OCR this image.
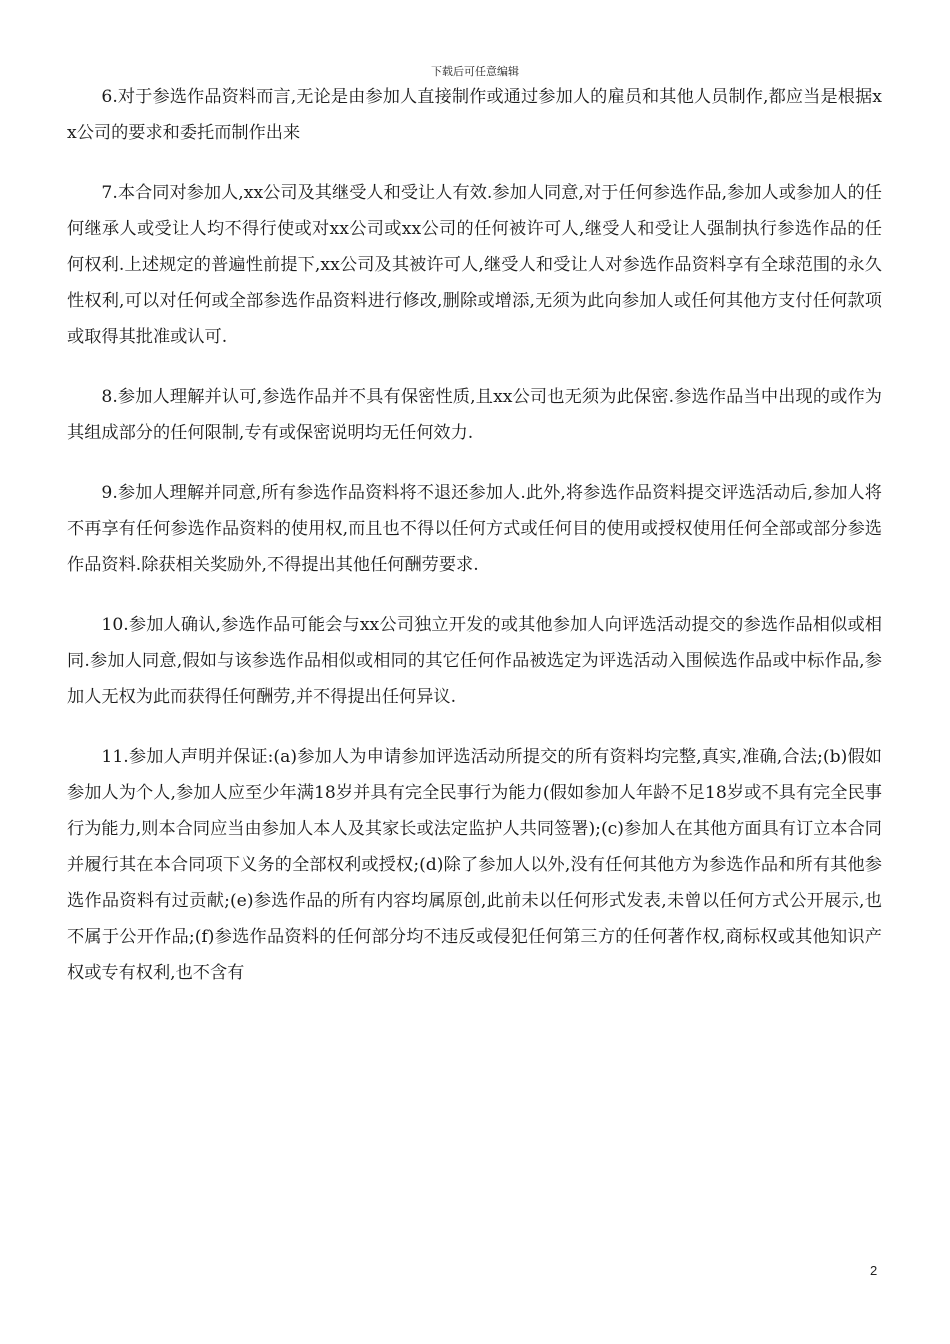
下载后可任意编辑

6.对于参选作品资料而言,无论是由参加人直接制作或通过参加人的雇员和其他人员制作,都应当是根据xx公司的要求和委托而制作出来

7.本合同对参加人,xx公司及其继受人和受让人有效.参加人同意,对于任何参选作品,参加人或参加人的任何继承人或受让人均不得行使或对xx公司或xx公司的任何被许可人,继受人和受让人强制执行参选作品的任何权利.上述规定的普遍性前提下,xx公司及其被许可人,继受人和受让人对参选作品资料享有全球范围的永久性权利,可以对任何或全部参选作品资料进行修改,删除或增添,无须为此向参加人或任何其他方支付任何款项或取得其批准或认可.

8.参加人理解并认可,参选作品并不具有保密性质,且xx公司也无须为此保密.参选作品当中出现的或作为其组成部分的任何限制,专有或保密说明均无任何效力.

9.参加人理解并同意,所有参选作品资料将不退还参加人.此外,将参选作品资料提交评选活动后,参加人将不再享有任何参选作品资料的使用权,而且也不得以任何方式或任何目的使用或授权使用任何全部或部分参选作品资料.除获相关奖励外,不得提出其他任何酬劳要求.

10.参加人确认,参选作品可能会与xx公司独立开发的或其他参加人向评选活动提交的参选作品相似或相同.参加人同意,假如与该参选作品相似或相同的其它任何作品被选定为评选活动入围候选作品或中标作品,参加人无权为此而获得任何酬劳,并不得提出任何异议.

11.参加人声明并保证:(a)参加人为申请参加评选活动所提交的所有资料均完整,真实,准确,合法;(b)假如参加人为个人,参加人应至少年满18岁并具有完全民事行为能力(假如参加人年龄不足18岁或不具有完全民事行为能力,则本合同应当由参加人本人及其家长或法定监护人共同签署);(c)参加人在其他方面具有订立本合同并履行其在本合同项下义务的全部权利或授权;(d)除了参加人以外,没有任何其他方为参选作品和所有其他参选作品资料有过贡献;(e)参选作品的所有内容均属原创,此前未以任何形式发表,未曾以任何方式公开展示,也不属于公开作品;(f)参选作品资料的任何部分均不违反或侵犯任何第三方的任何著作权,商标权或其他知识产权或专有权利,也不含有

2
